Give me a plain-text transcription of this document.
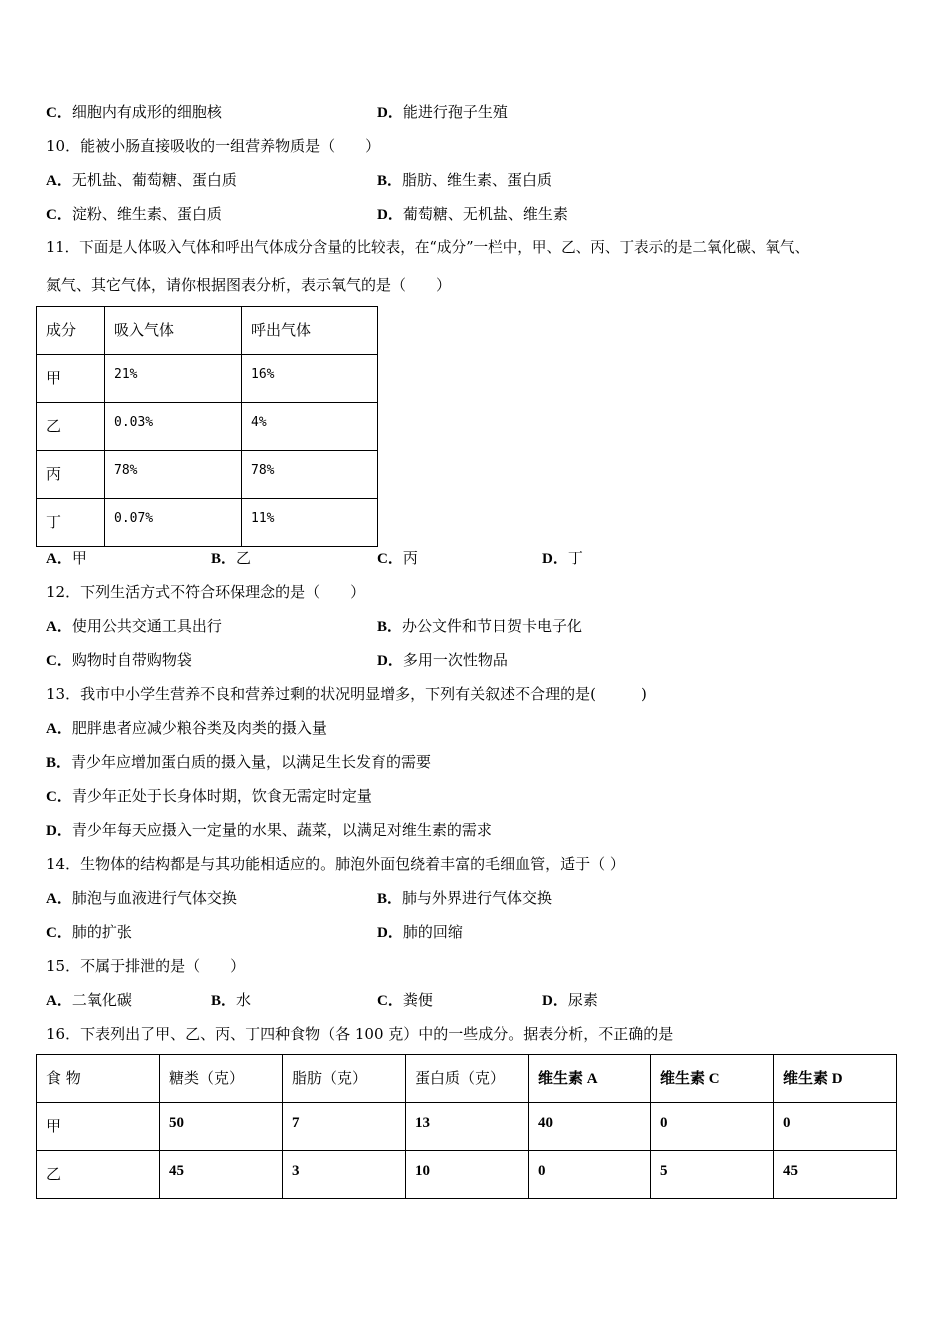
C．细胞内有成形的细胞核	D．能进行孢子生殖
10．能被小肠直接吸收的一组营养物质是（　　）
A．无机盐、葡萄糖、蛋白质	B．脂肪、维生素、蛋白质
C．淀粉、维生素、蛋白质	D．葡萄糖、无机盐、维生素
11．下面是人体吸入气体和呼出气体成分含量的比较表，在“成分”一栏中，甲、乙、丙、丁表示的是二氧化碳、氧气、
氮气、其它气体，请你根据图表分析，表示氧气的是（　　）
成分	吸入气体	呼出气体
甲	21%	16%
乙	0.03%	4%
丙	78%	78%
丁	0.07%	11%
A．甲	B．乙	C．丙	D．丁
12．下列生活方式不符合环保理念的是（　　）
A．使用公共交通工具出行	B．办公文件和节日贺卡电子化
C．购物时自带购物袋	D．多用一次性物品
13．我市中小学生营养不良和营养过剩的状况明显增多，下列有关叙述不合理的是(　　　)
A．肥胖患者应减少粮谷类及肉类的摄入量
B．青少年应增加蛋白质的摄入量，以满足生长发育的需要
C．青少年正处于长身体时期，饮食无需定时定量
D．青少年每天应摄入一定量的水果、蔬菜，以满足对维生素的需求
14．生物体的结构都是与其功能相适应的。肺泡外面包绕着丰富的毛细血管，适于（ ）
A．肺泡与血液进行气体交换	B．肺与外界进行气体交换
C．肺的扩张	D．肺的回缩
15．不属于排泄的是（　　）
A．二氧化碳	B．水	C．粪便	D．尿素
16．下表列出了甲、乙、丙、丁四种食物（各 100 克）中的一些成分。据表分析，不正确的是
食 物	糖类（克）	脂肪（克）	蛋白质（克）	维生素 A	维生素 C	维生素 D
甲	50	7	13	40	0	0
乙	45	3	10	0	5	45
